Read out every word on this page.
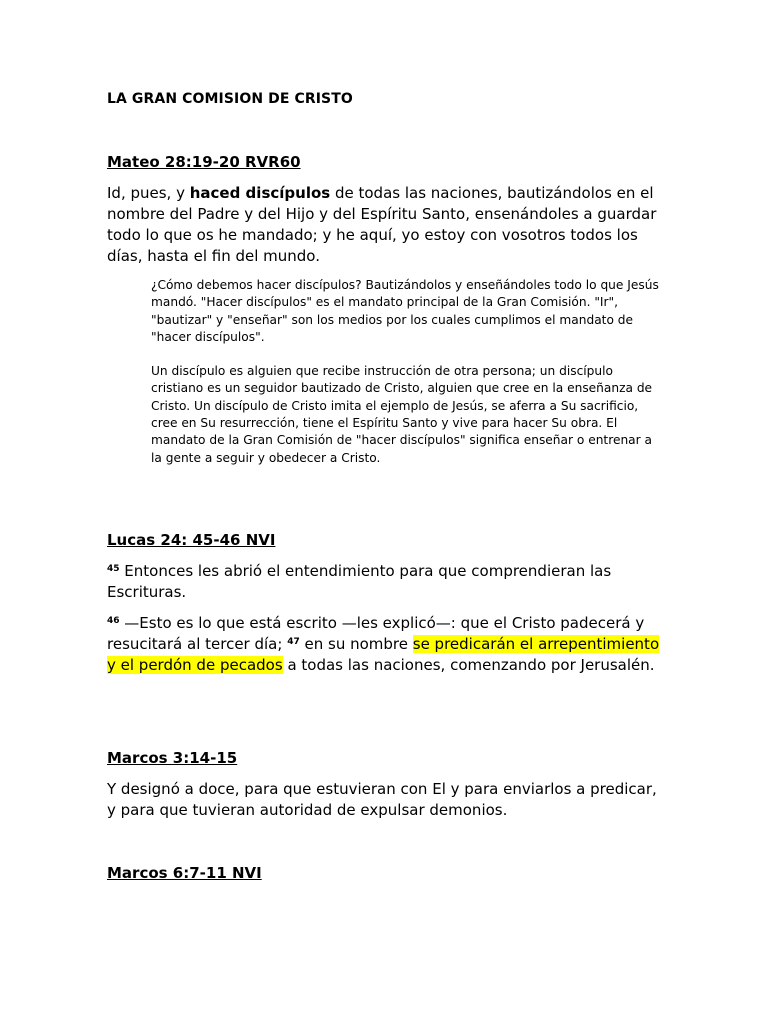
LA GRAN COMISION DE CRISTO
Mateo 28:19-20 RVR60
Id, pues, y haced discípulos de todas las naciones, bautizándolos en el nombre del Padre y del Hijo y del Espíritu Santo, ensenándoles a guardar todo lo que os he mandado; y he aquí, yo estoy con vosotros todos los días, hasta el fin del mundo.

¿Cómo debemos hacer discípulos? Bautizándolos y enseñándoles todo lo que Jesús mandó. "Hacer discípulos" es el mandato principal de la Gran Comisión. "Ir", "bautizar" y "enseñar" son los medios por los cuales cumplimos el mandato de "hacer discípulos".

Un discípulo es alguien que recibe instrucción de otra persona; un discípulo cristiano es un seguidor bautizado de Cristo, alguien que cree en la enseñanza de Cristo. Un discípulo de Cristo imita el ejemplo de Jesús, se aferra a Su sacrificio, cree en Su resurrección, tiene el Espíritu Santo y vive para hacer Su obra. El mandato de la Gran Comisión de "hacer discípulos" significa enseñar o entrenar a la gente a seguir y obedecer a Cristo.

Lucas 24: 45-46 NVI
$^{45}$ Entonces les abrió el entendimiento para que comprendieran las Escrituras.
$^{46}$ —Esto es lo que está escrito —les explicó—: que el Cristo padecerá y resucitará al tercer día; $^{47}$ en su nombre se predicarán el arrepentimiento y el perdón de pecados a todas las naciones, comenzando por Jerusalén.
Marcos 3:14-15
Y designó a doce, para que estuvieran con El y para enviarlos a predicar, y para que tuvieran autoridad de expulsar demonios.
Marcos 6:7-11 NVI
